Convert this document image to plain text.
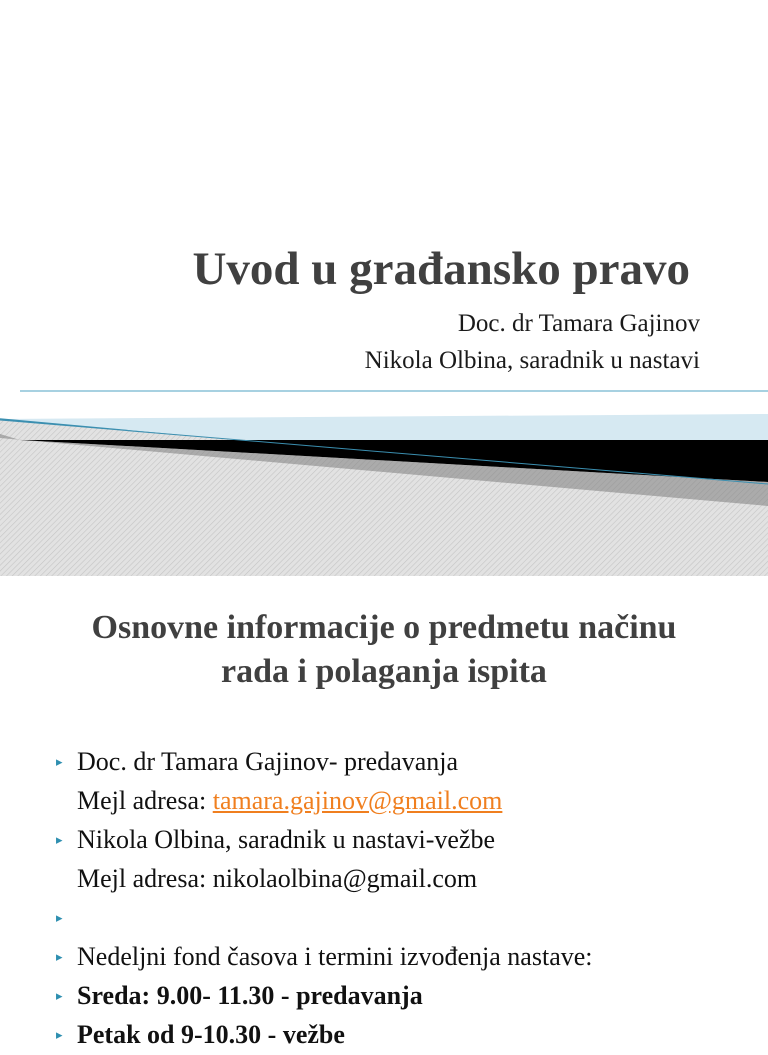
Uvod u građansko pravo
Doc. dr Tamara Gajinov
Nikola Olbina, saradnik u nastavi
Osnovne informacije o predmetu načinu
rada i polaganja ispita
▸ Doc. dr Tamara Gajinov- predavanja
Mejl adresa: tamara.gajinov@gmail.com
▸ Nikola Olbina, saradnik u nastavi-vežbe
Mejl adresa: nikolaolbina@gmail.com
▸
▸ Nedeljni fond časova i termini izvođenja nastave:
▸ Sreda: 9.00- 11.30 - predavanja
▸ Petak od 9-10.30 - vežbe
